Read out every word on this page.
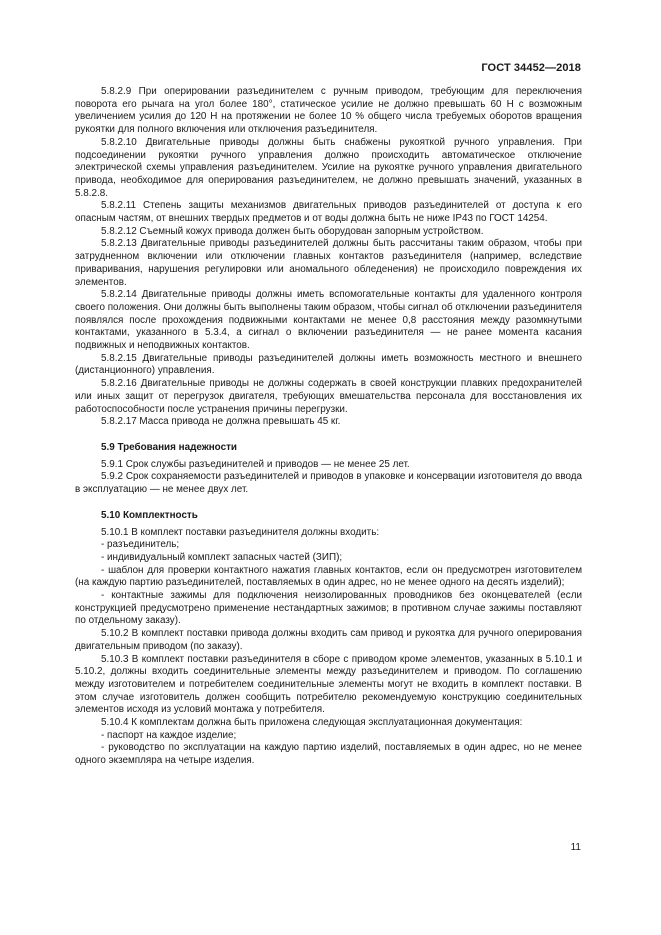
ГОСТ 34452—2018

5.8.2.9 При оперировании разъединителем с ручным приводом, требующим для переключения поворота его рычага на угол более 180°, статическое усилие не должно превышать 60 Н с возможным увеличением усилия до 120 Н на протяжении не более 10 % общего числа требуемых оборотов вращения рукоятки для полного включения или отключения разъединителя.

5.8.2.10 Двигательные приводы должны быть снабжены рукояткой ручного управления. При подсоединении рукоятки ручного управления должно происходить автоматическое отключение электрической схемы управления разъединителем. Усилие на рукоятке ручного управления двигательного привода, необходимое для оперирования разъединителем, не должно превышать значений, указанных в 5.8.2.8.

5.8.2.11 Степень защиты механизмов двигательных приводов разъединителей от доступа к его опасным частям, от внешних твердых предметов и от воды должна быть не ниже IP43 по ГОСТ 14254.

5.8.2.12 Съемный кожух привода должен быть оборудован запорным устройством.

5.8.2.13 Двигательные приводы разъединителей должны быть рассчитаны таким образом, чтобы при затрудненном включении или отключении главных контактов разъединителя (например, вследствие приваривания, нарушения регулировки или аномального обледенения) не происходило повреждения их элементов.

5.8.2.14 Двигательные приводы должны иметь вспомогательные контакты для удаленного контроля своего положения. Они должны быть выполнены таким образом, чтобы сигнал об отключении разъединителя появлялся после прохождения подвижными контактами не менее 0,8 расстояния между разомкнутыми контактами, указанного в 5.3.4, а сигнал о включении разъединителя — не ранее момента касания подвижных и неподвижных контактов.

5.8.2.15 Двигательные приводы разъединителей должны иметь возможность местного и внешнего (дистанционного) управления.

5.8.2.16 Двигательные приводы не должны содержать в своей конструкции плавких предохранителей или иных защит от перегрузок двигателя, требующих вмешательства персонала для восстановления их работоспособности после устранения причины перегрузки.

5.8.2.17 Масса привода не должна превышать 45 кг.

5.9 Требования надежности

5.9.1 Срок службы разъединителей и приводов — не менее 25 лет.

5.9.2 Срок сохраняемости разъединителей и приводов в упаковке и консервации изготовителя до ввода в эксплуатацию — не менее двух лет.

5.10 Комплектность

5.10.1 В комплект поставки разъединителя должны входить:

- разъединитель;

- индивидуальный комплект запасных частей (ЗИП);

- шаблон для проверки контактного нажатия главных контактов, если он предусмотрен изготовителем (на каждую партию разъединителей, поставляемых в один адрес, но не менее одного на десять изделий);

- контактные зажимы для подключения неизолированных проводников без оконцевателей (если конструкцией предусмотрено применение нестандартных зажимов; в противном случае зажимы поставляют по отдельному заказу).

5.10.2 В комплект поставки привода должны входить сам привод и рукоятка для ручного оперирования двигательным приводом (по заказу).

5.10.3 В комплект поставки разъединителя в сборе с приводом кроме элементов, указанных в 5.10.1 и 5.10.2, должны входить соединительные элементы между разъединителем и приводом. По соглашению между изготовителем и потребителем соединительные элементы могут не входить в комплект поставки. В этом случае изготовитель должен сообщить потребителю рекомендуемую конструкцию соединительных элементов исходя из условий монтажа у потребителя.

5.10.4 К комплектам должна быть приложена следующая эксплуатационная документация:

- паспорт на каждое изделие;

- руководство по эксплуатации на каждую партию изделий, поставляемых в один адрес, но не менее одного экземпляра на четыре изделия.

11
